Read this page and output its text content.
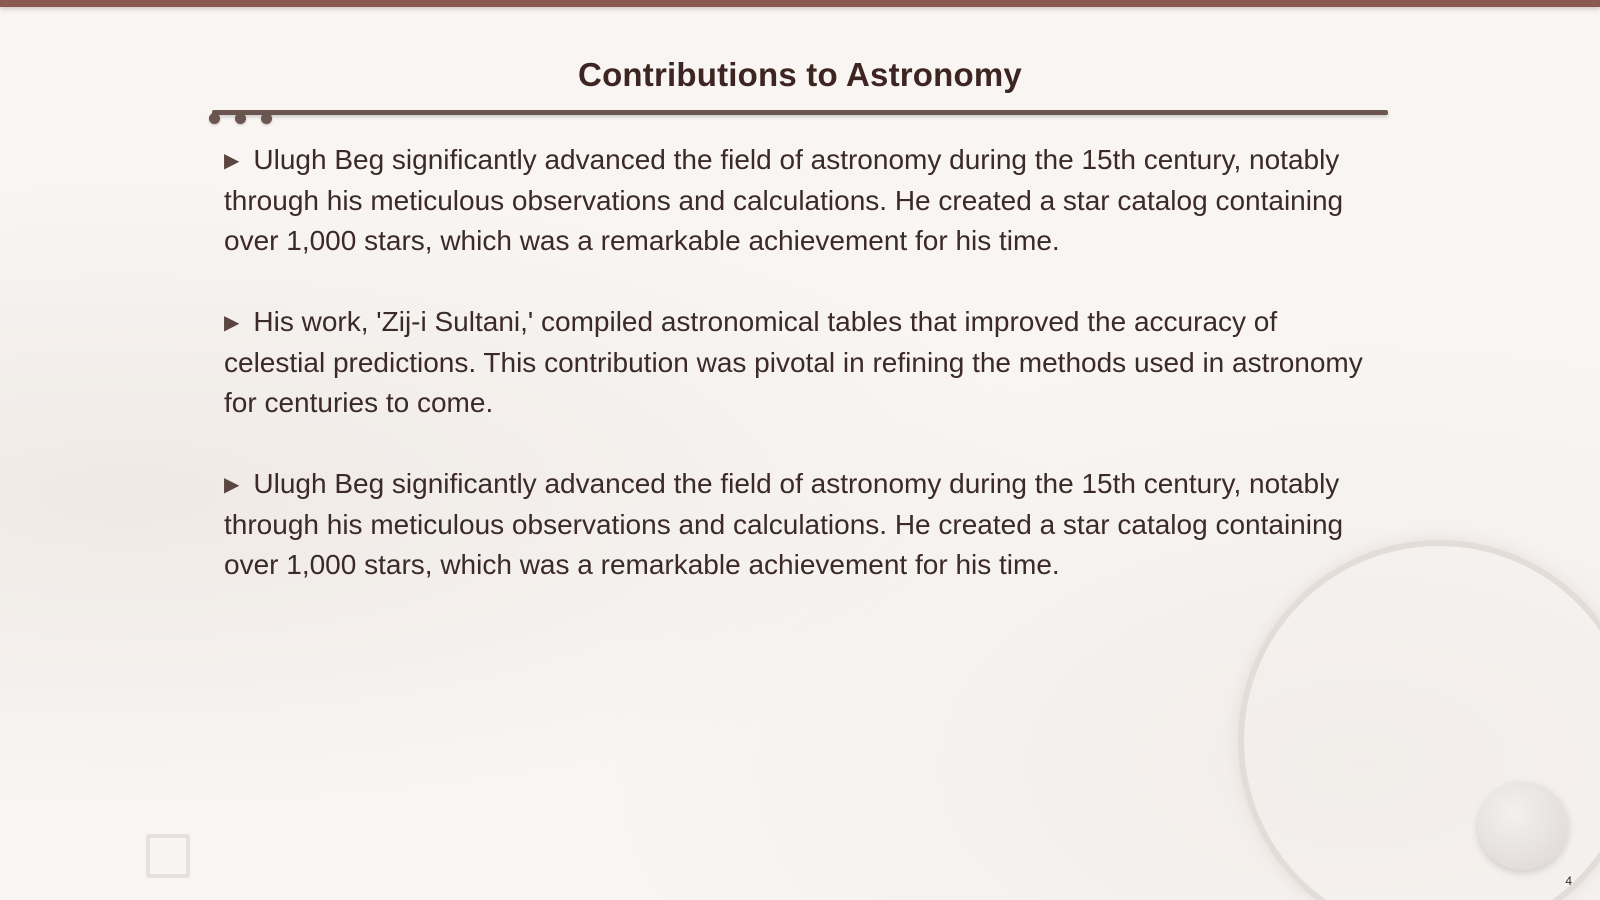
Contributions to Astronomy

▶ Ulugh Beg significantly advanced the field of astronomy during the 15th century, notably through his meticulous observations and calculations. He created a star catalog containing over 1,000 stars, which was a remarkable achievement for his time.

▶ His work, 'Zij-i Sultani,' compiled astronomical tables that improved the accuracy of celestial predictions. This contribution was pivotal in refining the methods used in astronomy for centuries to come.

▶ Ulugh Beg significantly advanced the field of astronomy during the 15th century, notably through his meticulous observations and calculations. He created a star catalog containing over 1,000 stars, which was a remarkable achievement for his time.

4
